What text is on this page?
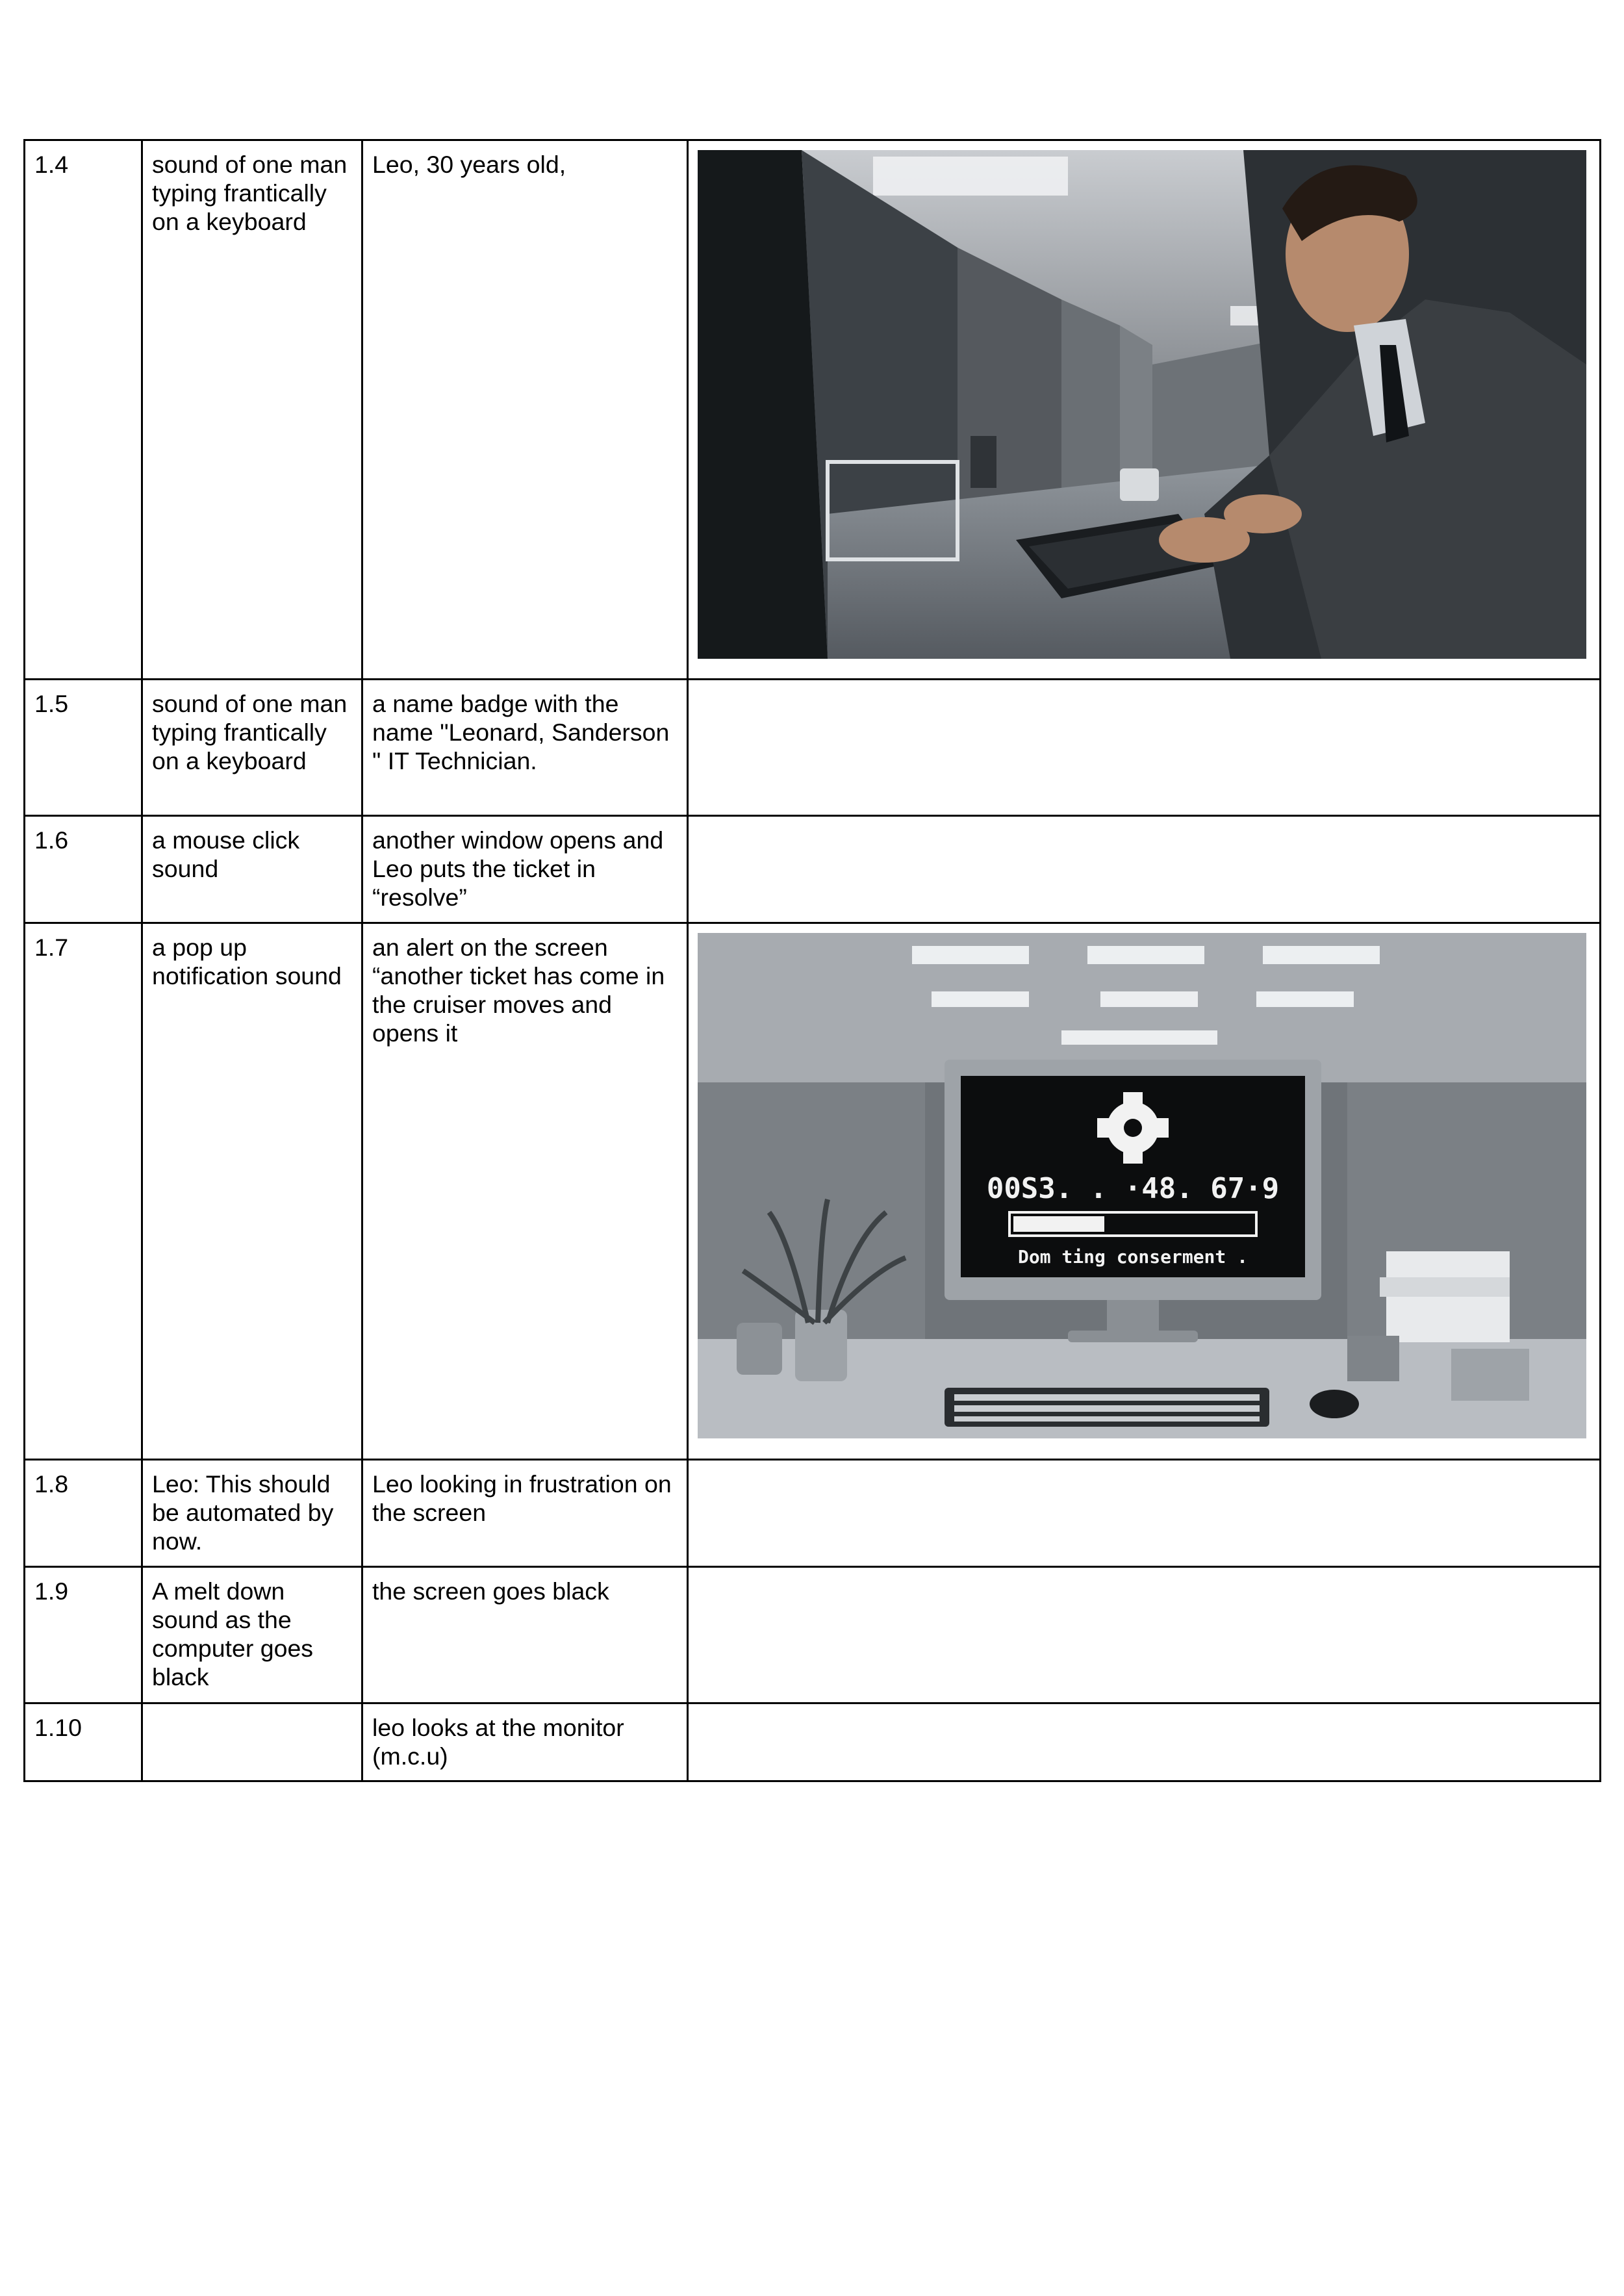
1.4	sound of one man typing frantically on a keyboard	Leo, 30 years old,	

1.5	sound of one man typing frantically on a keyboard	a name badge with the name "Leonard, Sanderson " IT Technician.	
1.6	a mouse click sound	another window opens and Leo puts the ticket in “resolve”	
1.7	a pop up notification sound	an alert on the screen “another ticket has come in the cruiser moves and opens it	00S3. . ·48. 67·9
Dom ting conserment .

1.8	Leo: This should be automated by now.	Leo looking in frustration on the screen	
1.9	A melt down sound as the computer goes black	the screen goes black	
1.10		leo looks at the monitor (m.c.u)	
